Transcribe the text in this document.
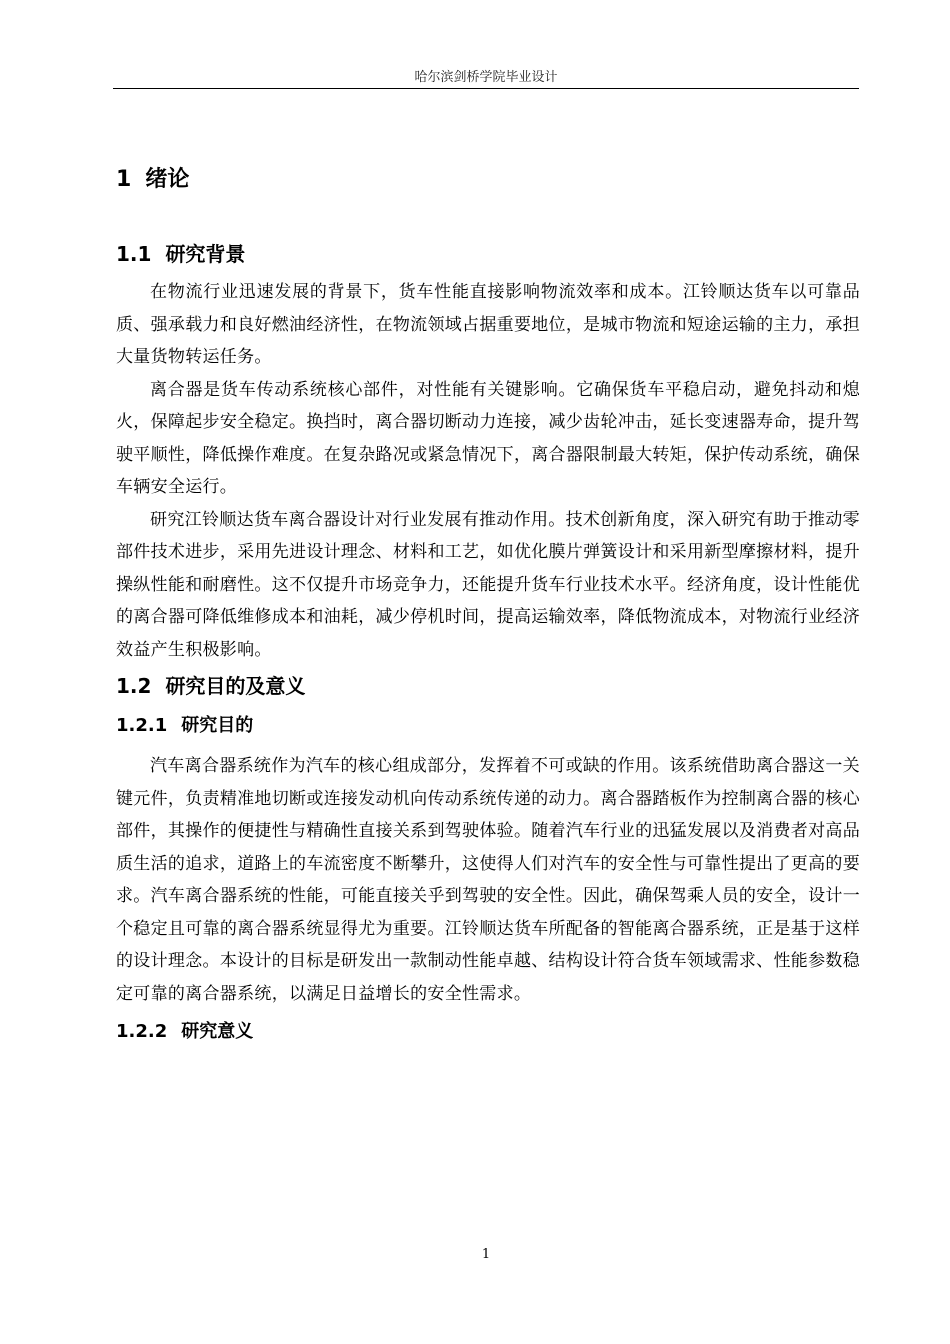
哈尔滨剑桥学院毕业设计
1 绪论
1.1 研究背景

在物流行业迅速发展的背景下，货车性能直接影响物流效率和成本。江铃顺达货车以可靠品质、强承载力和良好燃油经济性，在物流领域占据重要地位，是城市物流和短途运输的主力，承担大量货物转运任务。

离合器是货车传动系统核心部件，对性能有关键影响。它确保货车平稳启动，避免抖动和熄火，保障起步安全稳定。换挡时，离合器切断动力连接，减少齿轮冲击，延长变速器寿命，提升驾驶平顺性，降低操作难度。在复杂路况或紧急情况下，离合器限制最大转矩，保护传动系统，确保车辆安全运行。

研究江铃顺达货车离合器设计对行业发展有推动作用。技术创新角度，深入研究有助于推动零部件技术进步，采用先进设计理念、材料和工艺，如优化膜片弹簧设计和采用新型摩擦材料，提升操纵性能和耐磨性。这不仅提升市场竞争力，还能提升货车行业技术水平。经济角度，设计性能优的离合器可降低维修成本和油耗，减少停机时间，提高运输效率，降低物流成本，对物流行业经济效益产生积极影响。

1.2 研究目的及意义
1.2.1 研究目的

汽车离合器系统作为汽车的核心组成部分，发挥着不可或缺的作用。该系统借助离合器这一关键元件，负责精准地切断或连接发动机向传动系统传递的动力。离合器踏板作为控制离合器的核心部件，其操作的便捷性与精确性直接关系到驾驶体验。随着汽车行业的迅猛发展以及消费者对高品质生活的追求，道路上的车流密度不断攀升，这使得人们对汽车的安全性与可靠性提出了更高的要求。汽车离合器系统的性能，可能直接关乎到驾驶的安全性。因此，确保驾乘人员的安全，设计一个稳定且可靠的离合器系统显得尤为重要。江铃顺达货车所配备的智能离合器系统，正是基于这样的设计理念。本设计的目标是研发出一款制动性能卓越、结构设计符合货车领域需求、性能参数稳定可靠的离合器系统，以满足日益增长的安全性需求。

1.2.2 研究意义
1
